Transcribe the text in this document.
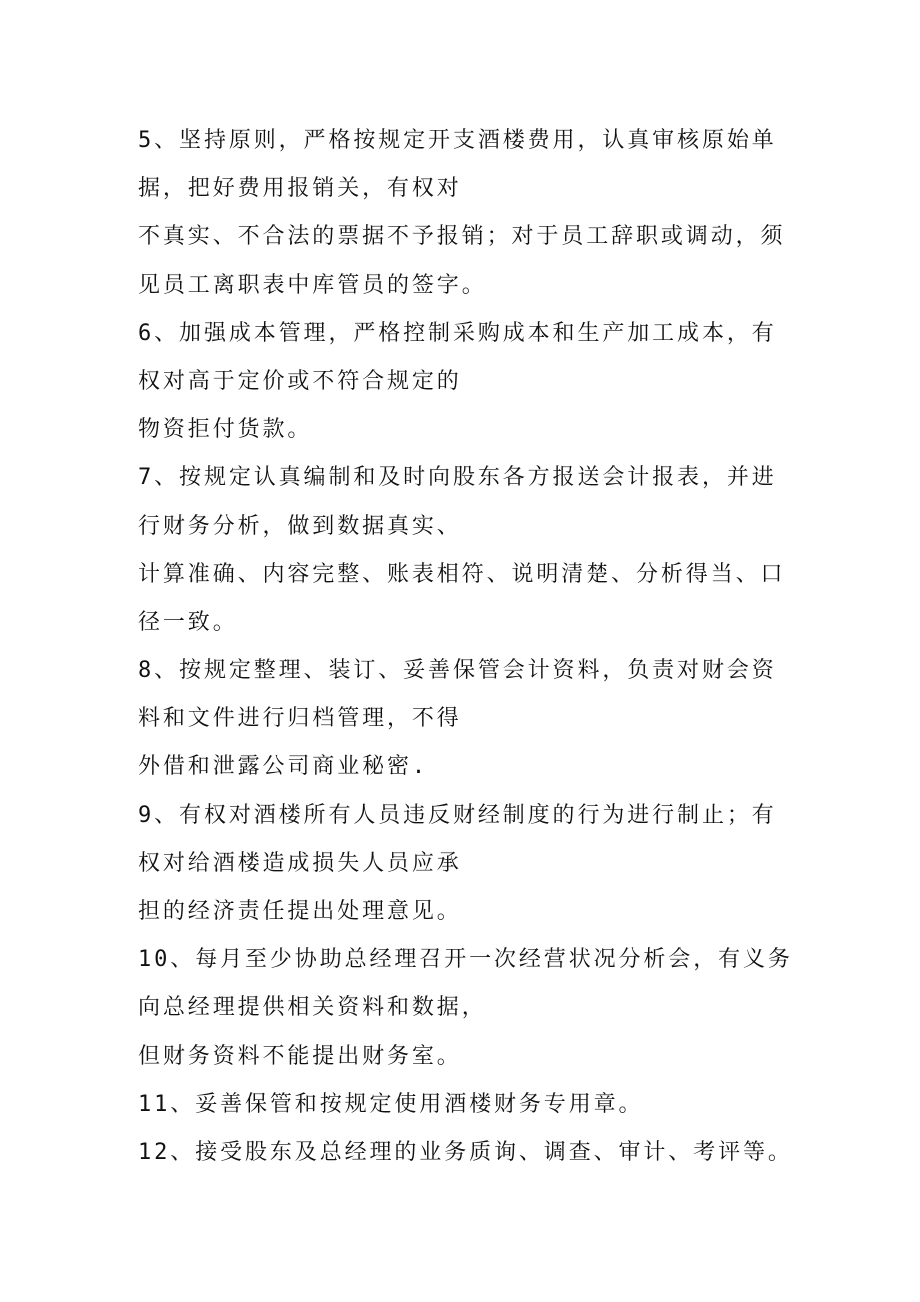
5、坚持原则，严格按规定开支酒楼费用，认真审核原始单
据，把好费用报销关，有权对
不真实、不合法的票据不予报销；对于员工辞职或调动，须
见员工离职表中库管员的签字。
6、加强成本管理，严格控制采购成本和生产加工成本，有
权对高于定价或不符合规定的
物资拒付货款。
7、按规定认真编制和及时向股东各方报送会计报表，并进
行财务分析，做到数据真实、
计算准确、内容完整、账表相符、说明清楚、分析得当、口
径一致。
8、按规定整理、装订、妥善保管会计资料，负责对财会资
料和文件进行归档管理，不得
外借和泄露公司商业秘密.
9、有权对酒楼所有人员违反财经制度的行为进行制止；有
权对给酒楼造成损失人员应承
担的经济责任提出处理意见。
10、每月至少协助总经理召开一次经营状况分析会，有义务
向总经理提供相关资料和数据，
但财务资料不能提出财务室。
11、妥善保管和按规定使用酒楼财务专用章。
12、接受股东及总经理的业务质询、调查、审计、考评等。
